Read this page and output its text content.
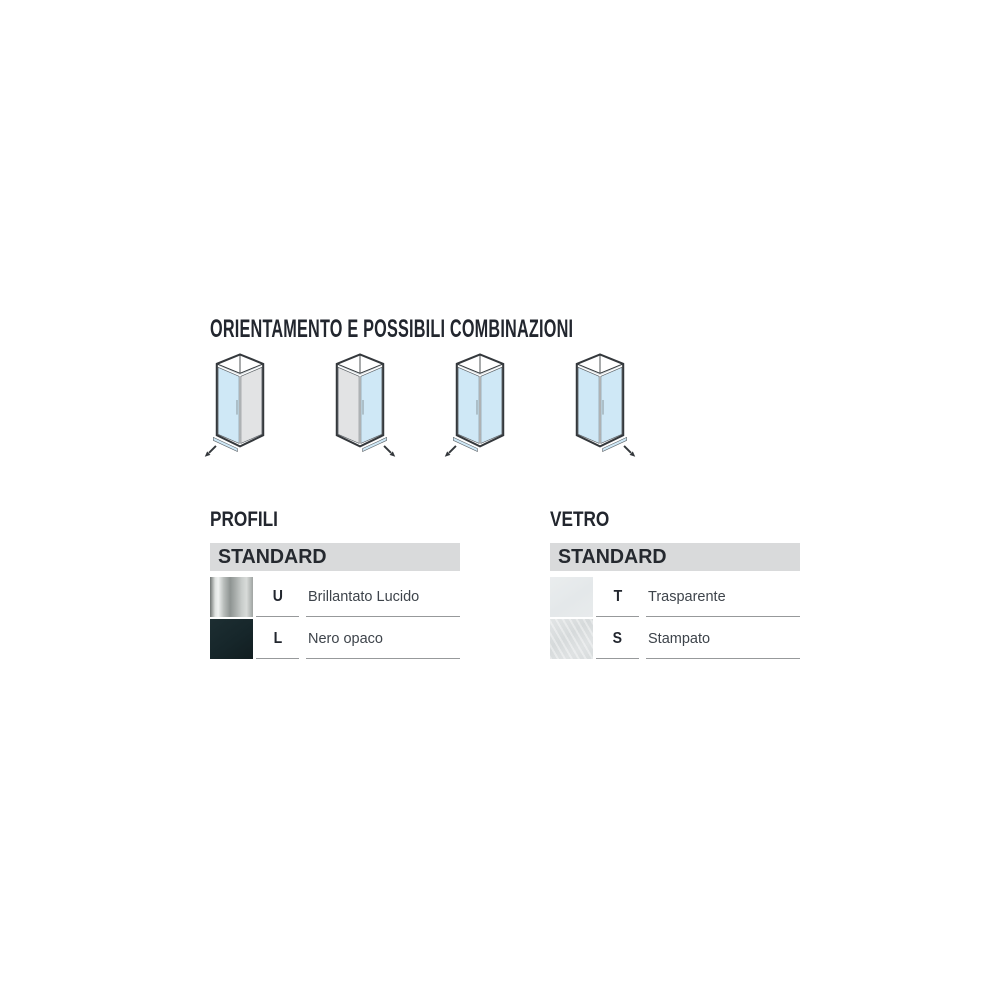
ORIENTAMENTO E POSSIBILI COMBINAZIONI
PROFILI
STANDARD
U Brillantato Lucido
L Nero opaco
VETRO
STANDARD
T Trasparente
S Stampato
